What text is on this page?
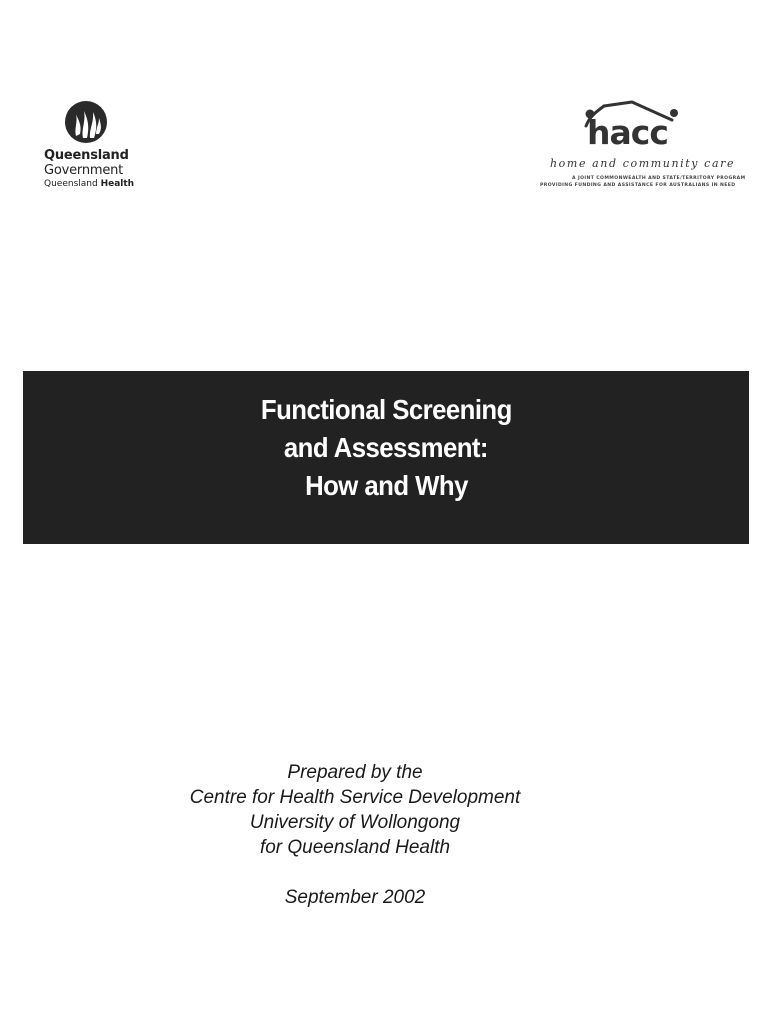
Queensland
Government
Queensland Health
hacc
home and community care
A JOINT COMMONWEALTH AND STATE/TERRITORY PROGRAM
PROVIDING FUNDING AND ASSISTANCE FOR AUSTRALIANS IN NEED
Functional Screening
and Assessment:
How and Why
Prepared by the
Centre for Health Service Development
University of Wollongong
for Queensland Health
September 2002
